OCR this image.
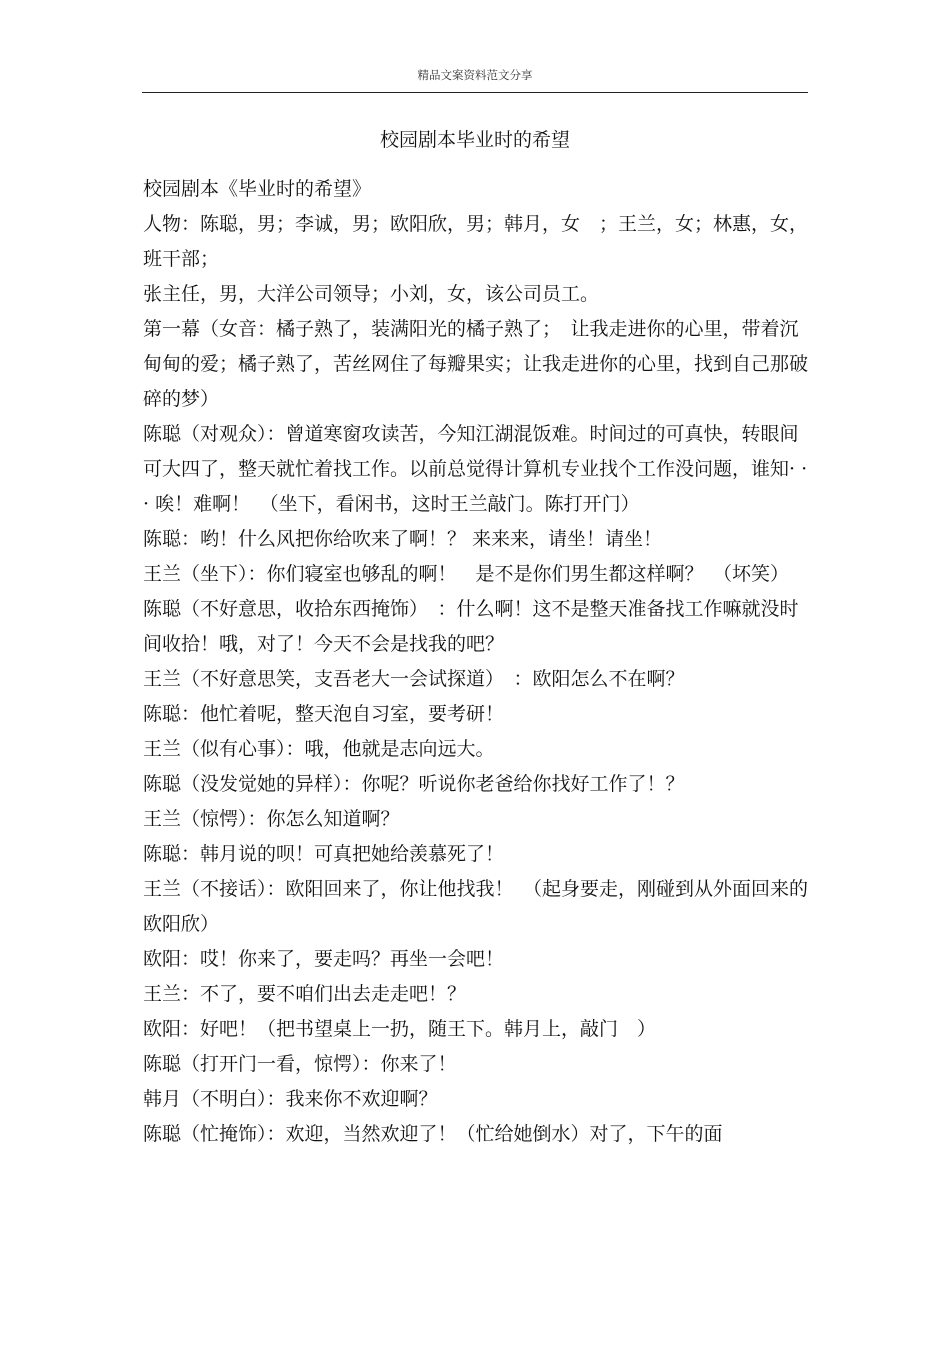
精品文案资料范文分享
校园剧本毕业时的希望

校园剧本《毕业时的希望》

人物：陈聪，男；李诚，男；欧阳欣，男；韩月，女　；王兰，女；林惠，女，班干部；

张主任，男，大洋公司领导；小刘，女，该公司员工。

第一幕（女音：橘子熟了，装满阳光的橘子熟了；　让我走进你的心里，带着沉甸甸的爱；橘子熟了，苦丝网住了每瓣果实；让我走进你的心里，找到自己那破碎的梦）

陈聪（对观众）：曾道寒窗攻读苦，今知江湖混饭难。时间过的可真快，转眼间可大四了，整天就忙着找工作。以前总觉得计算机专业找个工作没问题，谁知· · · 唉！难啊！　（坐下，看闲书，这时王兰敲门。陈打开门）

陈聪：哟！什么风把你给吹来了啊！？ 来来来，请坐！请坐！

王兰（坐下）：你们寝室也够乱的啊！　是不是你们男生都这样啊？　（坏笑）

陈聪（不好意思，收拾东西掩饰）　：什么啊！这不是整天准备找工作嘛就没时间收拾！哦，对了！今天不会是找我的吧？

王兰（不好意思笑，支吾老大一会试探道）　：欧阳怎么不在啊？

陈聪：他忙着呢，整天泡自习室，要考研！

王兰（似有心事）：哦，他就是志向远大。

陈聪（没发觉她的异样）：你呢？听说你老爸给你找好工作了！？

王兰（惊愕）：你怎么知道啊？

陈聪：韩月说的呗！可真把她给羡慕死了！

王兰（不接话）：欧阳回来了，你让他找我！　（起身要走，刚碰到从外面回来的欧阳欣）

欧阳：哎！你来了，要走吗？再坐一会吧！

王兰：不了，要不咱们出去走走吧！？

欧阳：好吧！（把书望桌上一扔，随王下。韩月上，敲门　）

陈聪（打开门一看，惊愕）：你来了！

韩月（不明白）：我来你不欢迎啊？

陈聪（忙掩饰）：欢迎，当然欢迎了！（忙给她倒水）对了，下午的面
